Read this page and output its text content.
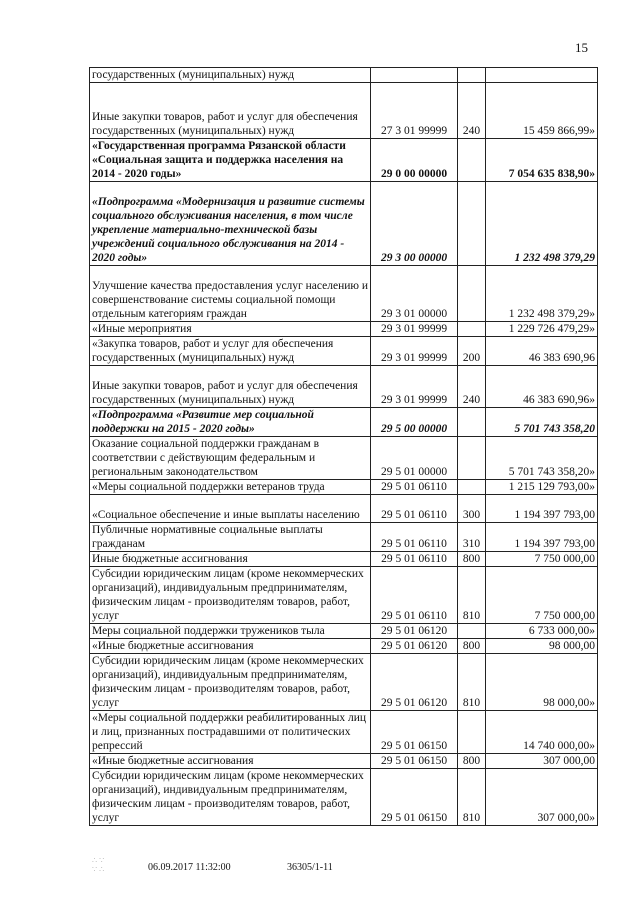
15
государственных (муниципальных) нужд			
Иные закупки товаров, работ и услуг для обеспечения государственных (муниципальных) нужд	27 3 01 99999	240	15 459 866,99»
«Государственная программа Рязанской области «Социальная защита и поддержка населения на 2014 - 2020 годы»	29 0 00 00000		7 054 635 838,90»
«Подпрограмма «Модернизация и развитие системы социального обслуживания населения, в том числе укрепление материально-технической базы учреждений социального обслуживания на 2014 - 2020 годы»	29 3 00 00000		1 232 498 379,29
Улучшение качества предоставления услуг населению и совершенствование системы социальной помощи отдельным категориям граждан	29 3 01 00000		1 232 498 379,29»
«Иные мероприятия	29 3 01 99999		1 229 726 479,29»
«Закупка товаров, работ и услуг для обеспечения государственных (муниципальных) нужд	29 3 01 99999	200	46 383 690,96
Иные закупки товаров, работ и услуг для обеспечения государственных (муниципальных) нужд	29 3 01 99999	240	46 383 690,96»
«Подпрограмма «Развитие мер социальной поддержки на 2015 - 2020 годы»	29 5 00 00000		5 701 743 358,20
Оказание социальной поддержки гражданам в соответствии с действующим федеральным и региональным законодательством	29 5 01 00000		5 701 743 358,20»
«Меры социальной поддержки ветеранов труда	29 5 01 06110		1 215 129 793,00»
«Социальное обеспечение и иные выплаты населению	29 5 01 06110	300	1 194 397 793,00
Публичные нормативные социальные выплаты гражданам	29 5 01 06110	310	1 194 397 793,00
Иные бюджетные ассигнования	29 5 01 06110	800	7 750 000,00
Субсидии юридическим лицам (кроме некоммерческих организаций), индивидуальным предпринимателям, физическим лицам - производителям товаров, работ, услуг	29 5 01 06110	810	7 750 000,00
Меры социальной поддержки тружеников тыла	29 5 01 06120		6 733 000,00»
«Иные бюджетные ассигнования	29 5 01 06120	800	98 000,00
Субсидии юридическим лицам (кроме некоммерческих организаций), индивидуальным предпринимателям, физическим лицам - производителям товаров, работ, услуг	29 5 01 06120	810	98 000,00»
«Меры социальной поддержки реабилитированных лиц и лиц, признанных пострадавшими от политических репрессий	29 5 01 06150		14 740 000,00»
«Иные бюджетные ассигнования	29 5 01 06150	800	307 000,00
Субсидии юридическим лицам (кроме некоммерческих организаций), индивидуальным предпринимателям, физическим лицам - производителям товаров, работ, услуг	29 5 01 06150	810	307 000,00»
∴ ∵
∵ ∴	06.09.2017 11:32:00	36305/1-11
